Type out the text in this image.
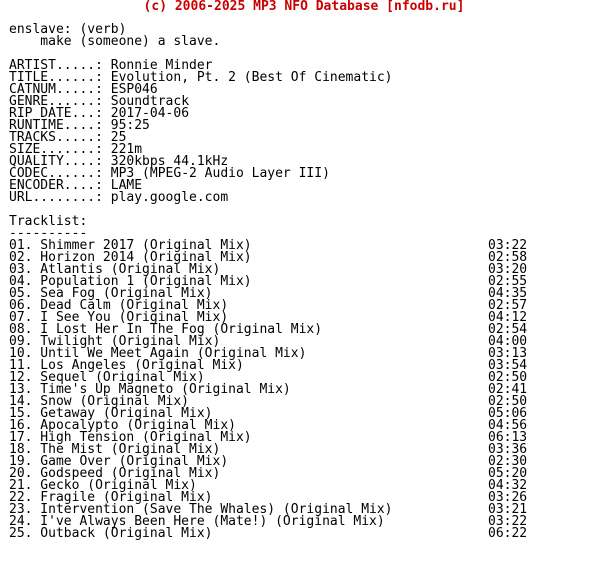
(c) 2006-2025 MP3 NFO Database [nfodb.ru]
enslave: (verb)
make (someone) a slave.
ARTIST.....: Ronnie Minder
TITLE......: Evolution, Pt. 2 (Best Of Cinematic)
CATNUM.....: ESP046
GENRE......: Soundtrack
RIP DATE...: 2017-04-06
RUNTIME....: 95:25
TRACKS.....: 25
SIZE.......: 221m
QUALITY....: 320kbps 44.1kHz
CODEC......: MP3 (MPEG-2 Audio Layer III)
ENCODER....: LAME
URL........: play.google.com
Tracklist:
----------
01. Shimmer 2017 (Original Mix)	03:22
02. Horizon 2014 (Original Mix)	02:58
03. Atlantis (Original Mix)	03:20
04. Population 1 (Original Mix)	02:55
05. Sea Fog (Original Mix)	04:35
06. Dead Calm (Original Mix)	02:57
07. I See You (Original Mix)	04:12
08. I Lost Her In The Fog (Original Mix)	02:54
09. Twilight (Original Mix)	04:00
10. Until We Meet Again (Original Mix)	03:13
11. Los Angeles (Original Mix)	03:54
12. Sequel (Original Mix)	02:50
13. Time's Up Magneto (Original Mix)	02:41
14. Snow (Original Mix)	02:50
15. Getaway (Original Mix)	05:06
16. Apocalypto (Original Mix)	04:56
17. High Tension (Original Mix)	06:13
18. The Mist (Original Mix)	03:36
19. Game Over (Original Mix)	02:30
20. Godspeed (Original Mix)	05:20
21. Gecko (Original Mix)	04:32
22. Fragile (Original Mix)	03:26
23. Intervention (Save The Whales) (Original Mix)	03:21
24. I've Always Been Here (Mate!) (Original Mix)	03:22
25. Outback (Original Mix)	06:22
